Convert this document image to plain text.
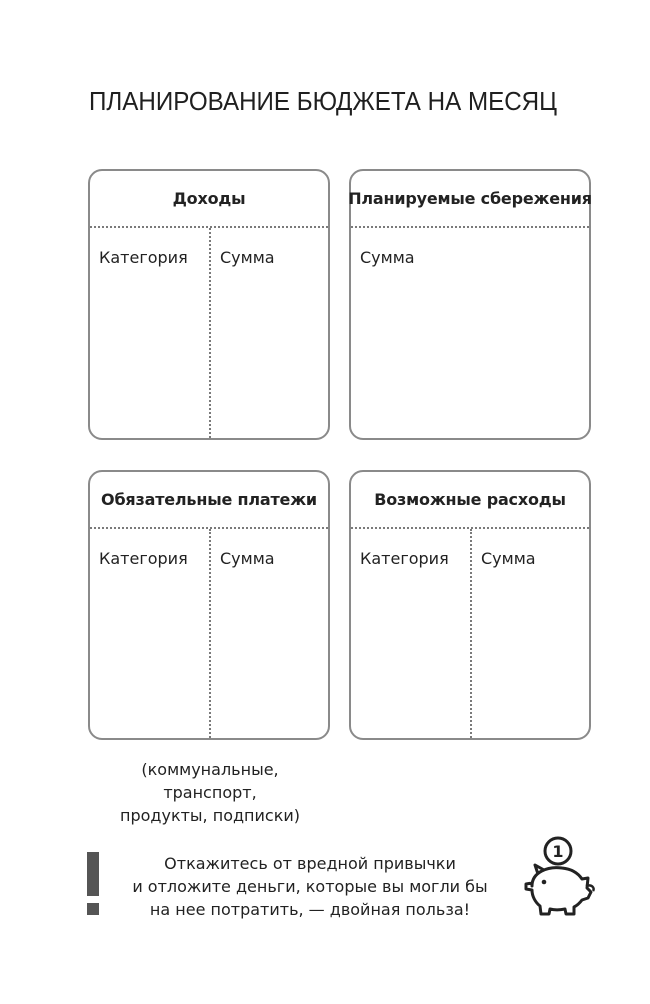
ПЛАНИРОВАНИЕ БЮДЖЕТА НА МЕСЯЦ
Доходы
Категория Сумма
Планируемые сбережения
Сумма
Обязательные платежи
Категория Сумма
Возможные расходы
Категория Сумма
(коммунальные,
транспорт,
продукты, подписки)
Откажитесь от вредной привычки
и отложите деньги, которые вы могли бы
на нее потратить, — двойная польза!
1
